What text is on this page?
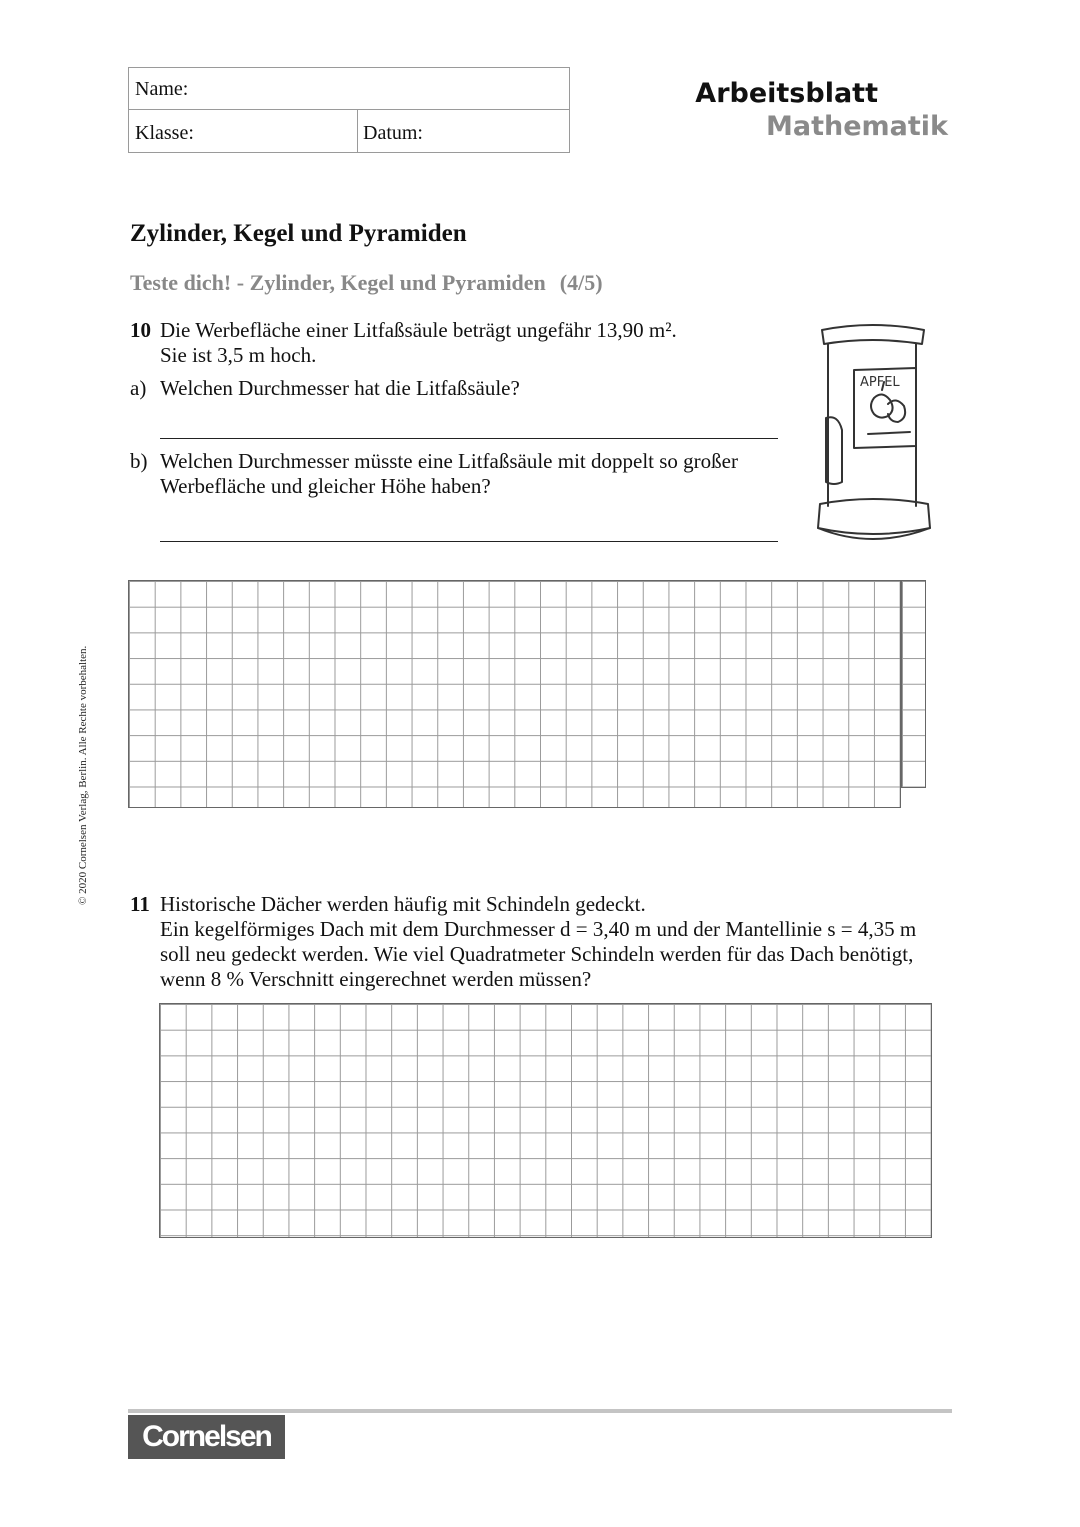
Name:
Klasse:	Datum:
Arbeitsblatt
Mathematik
Zylinder, Kegel und Pyramiden
Teste dich! - Zylinder, Kegel und Pyramiden (4/5)
10 Die Werbefläche einer Litfaßsäule beträgt ungefähr 13,90 m².
Sie ist 3,5 m hoch.
a) Welchen Durchmesser hat die Litfaßsäule?
b) Welchen Durchmesser müsste eine Litfaßsäule mit doppelt so großer
Werbefläche und gleicher Höhe haben?
APFEL
11 Historische Dächer werden häufig mit Schindeln gedeckt.
Ein kegelförmiges Dach mit dem Durchmesser d = 3,40 m und der Mantellinie s = 4,35 m
soll neu gedeckt werden. Wie viel Quadratmeter Schindeln werden für das Dach benötigt,
wenn 8 % Verschnitt eingerechnet werden müssen?
© 2020 Cornelsen Verlag, Berlin. Alle Rechte vorbehalten.
Cornelsen
